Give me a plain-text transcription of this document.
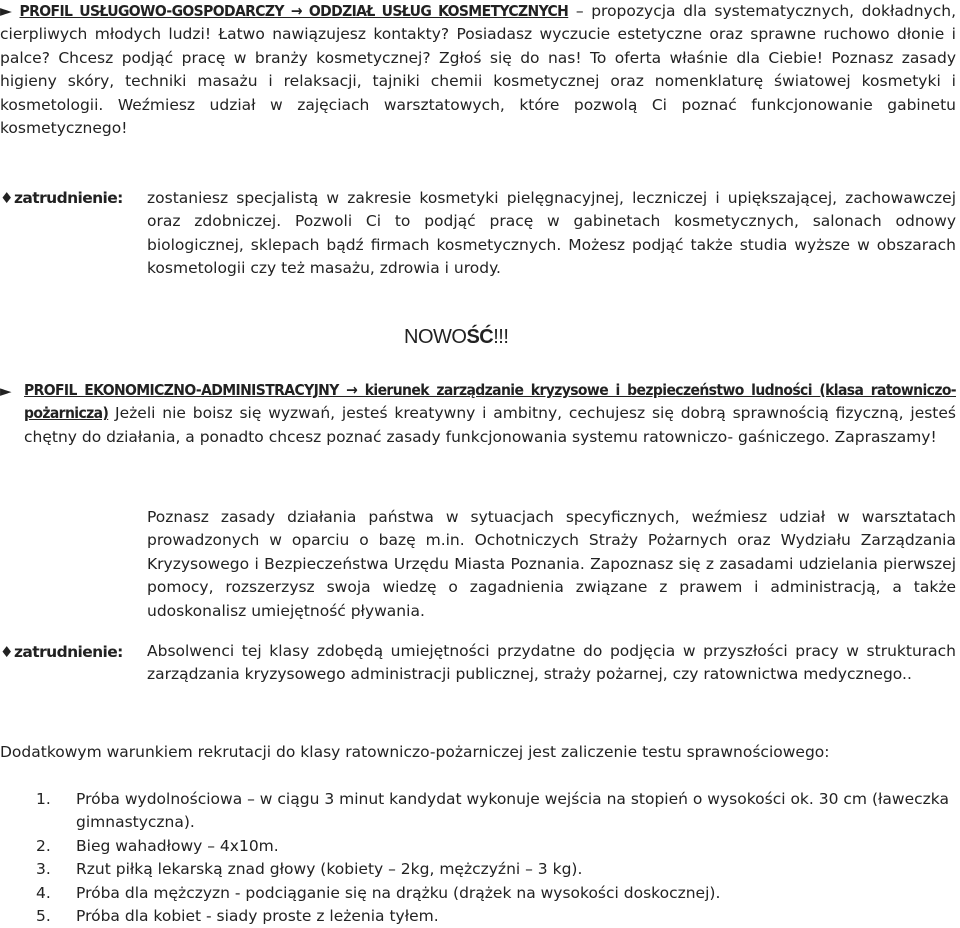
► PROFIL USŁUGOWO-GOSPODARCZY → ODDZIAŁ USŁUG KOSMETYCZNYCH – propozycja dla systematycznych, dokładnych, cierpliwych młodych ludzi! Łatwo nawiązujesz kontakty? Posiadasz wyczucie estetyczne oraz sprawne ruchowo dłonie i palce? Chcesz podjąć pracę w branży kosmetycznej? Zgłoś się do nas! To oferta właśnie dla Ciebie! Poznasz zasady higieny skóry, techniki masażu i relaksacji, tajniki chemii kosmetycznej oraz nomenklaturę światowej kosmetyki i kosmetologii. Weźmiesz udział w zajęciach warsztatowych, które pozwolą Ci poznać funkcjonowanie gabinetu kosmetycznego!
♦ zatrudnienie: zostaniesz specjalistą w zakresie kosmetyki pielęgnacyjnej, leczniczej i upiększającej, zachowawczej oraz zdobniczej. Pozwoli Ci to podjąć pracę w gabinetach kosmetycznych, salonach odnowy biologicznej, sklepach bądź firmach kosmetycznych. Możesz podjąć także studia wyższe w obszarach kosmetologii czy też masażu, zdrowia i urody.
NOWOŚĆ!!!
► PROFIL EKONOMICZNO-ADMINISTRACYJNY → kierunek zarządzanie kryzysowe i bezpieczeństwo ludności (klasa ratowniczo-pożarnicza) Jeżeli nie boisz się wyzwań, jesteś kreatywny i ambitny, cechujesz się dobrą sprawnością fizyczną, jesteś chętny do działania, a ponadto chcesz poznać zasady funkcjonowania systemu ratowniczo- gaśniczego. Zapraszamy!
Poznasz zasady działania państwa w sytuacjach specyficznych, weźmiesz udział w warsztatach prowadzonych w oparciu o bazę m.in. Ochotniczych Straży Pożarnych oraz Wydziału Zarządzania Kryzysowego i Bezpieczeństwa Urzędu Miasta Poznania. Zapoznasz się z zasadami udzielania pierwszej pomocy, rozszerzysz swoja wiedzę o zagadnienia związane z prawem i administracją, a także udoskonalisz umiejętność pływania.
♦ zatrudnienie: Absolwenci tej klasy zdobędą umiejętności przydatne do podjęcia w przyszłości pracy w strukturach zarządzania kryzysowego administracji publicznej, straży pożarnej, czy ratownictwa medycznego..
Dodatkowym warunkiem rekrutacji do klasy ratowniczo-pożarniczej jest zaliczenie testu sprawnościowego:
1. Próba wydolnościowa – w ciągu 3 minut kandydat wykonuje wejścia na stopień o wysokości ok. 30 cm (ławeczka gimnastyczna).
2. Bieg wahadłowy – 4x10m.
3. Rzut piłką lekarską znad głowy (kobiety – 2kg, mężczyźni – 3 kg).
4. Próba dla mężczyzn - podciąganie się na drążku (drążek na wysokości doskocznej).
5. Próba dla kobiet - siady proste z leżenia tyłem.
